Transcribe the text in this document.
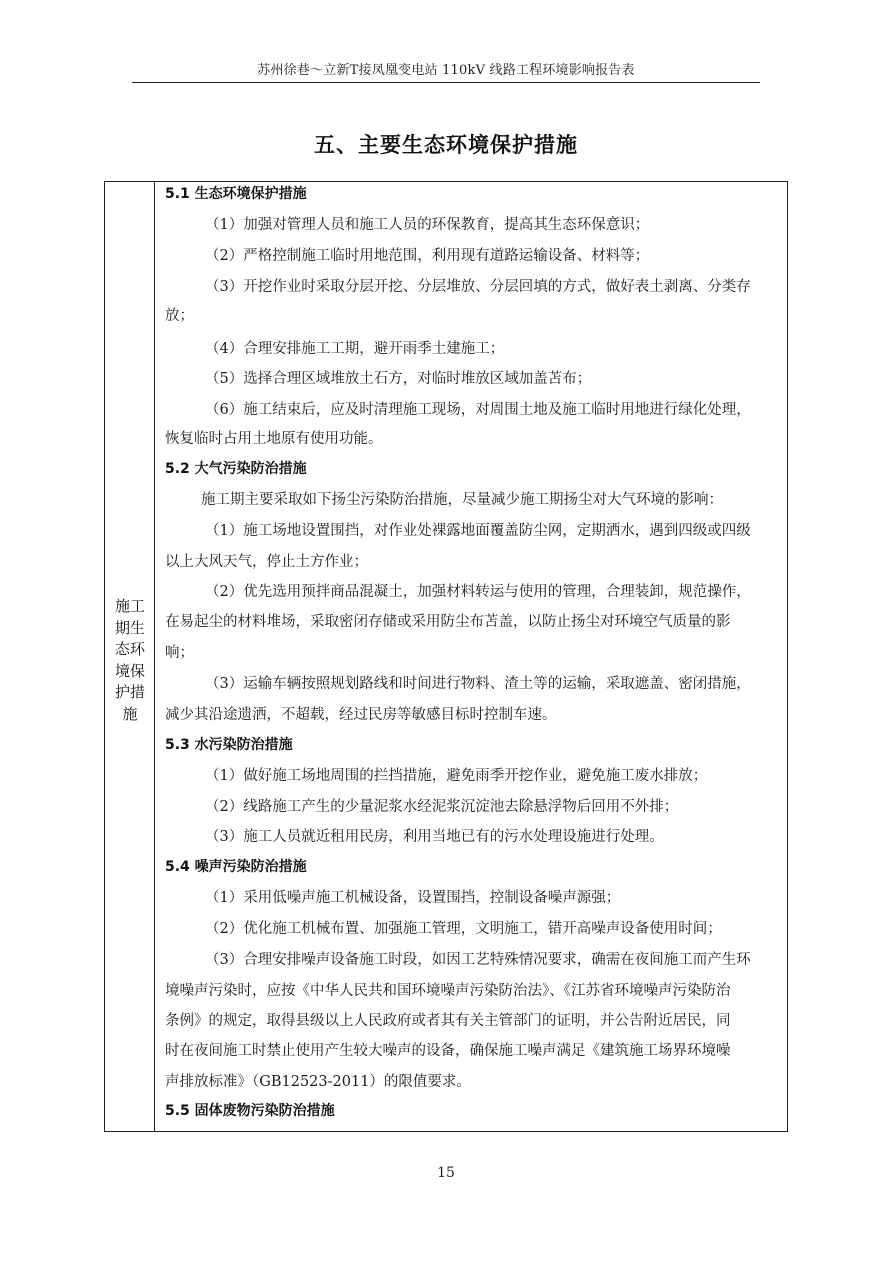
苏州徐巷～立新T接凤凰变电站 110kV 线路工程环境影响报告表
五、主要生态环境保护措施
施工期生态环境保护措施
5.1 生态环境保护措施
（1）加强对管理人员和施工人员的环保教育，提高其生态环保意识；
（2）严格控制施工临时用地范围，利用现有道路运输设备、材料等；
（3）开挖作业时采取分层开挖、分层堆放、分层回填的方式，做好表土剥离、分类存
放；
（4）合理安排施工工期，避开雨季土建施工；
（5）选择合理区域堆放土石方，对临时堆放区域加盖苫布；
（6）施工结束后，应及时清理施工现场，对周围土地及施工临时用地进行绿化处理，
恢复临时占用土地原有使用功能。
5.2 大气污染防治措施
施工期主要采取如下扬尘污染防治措施，尽量减少施工期扬尘对大气环境的影响：
（1）施工场地设置围挡，对作业处裸露地面覆盖防尘网，定期洒水，遇到四级或四级
以上大风天气，停止土方作业；
（2）优先选用预拌商品混凝土，加强材料转运与使用的管理，合理装卸，规范操作，
在易起尘的材料堆场，采取密闭存储或采用防尘布苫盖，以防止扬尘对环境空气质量的影
响；
（3）运输车辆按照规划路线和时间进行物料、渣土等的运输，采取遮盖、密闭措施，
减少其沿途遗洒，不超载，经过民房等敏感目标时控制车速。
5.3 水污染防治措施
（1）做好施工场地周围的拦挡措施，避免雨季开挖作业，避免施工废水排放；
（2）线路施工产生的少量泥浆水经泥浆沉淀池去除悬浮物后回用不外排；
（3）施工人员就近租用民房，利用当地已有的污水处理设施进行处理。
5.4 噪声污染防治措施
（1）采用低噪声施工机械设备，设置围挡，控制设备噪声源强；
（2）优化施工机械布置、加强施工管理，文明施工，错开高噪声设备使用时间；
（3）合理安排噪声设备施工时段，如因工艺特殊情况要求，确需在夜间施工而产生环
境噪声污染时，应按《中华人民共和国环境噪声污染防治法》、《江苏省环境噪声污染防治
条例》的规定，取得县级以上人民政府或者其有关主管部门的证明，并公告附近居民，同
时在夜间施工时禁止使用产生较大噪声的设备，确保施工噪声满足《建筑施工场界环境噪
声排放标准》（GB12523-2011）的限值要求。
5.5 固体废物污染防治措施
15
